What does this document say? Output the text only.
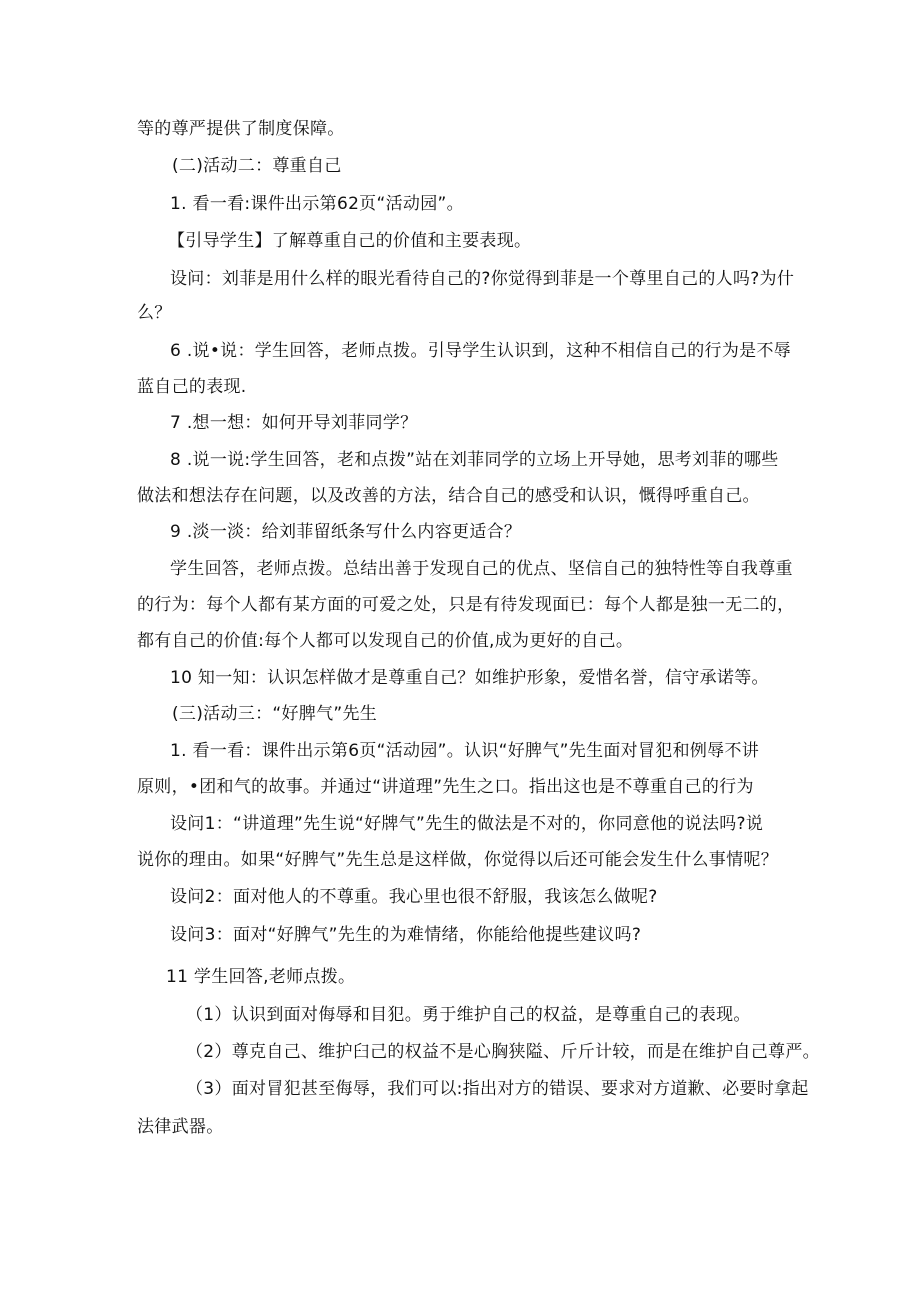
等的尊严提供了制度保障。
(二)活动二：尊重自己
1. 看一看:课件出示第62页“活动园”。
【引导学生】了解尊重自己的价值和主要表现。
设问：刘菲是用什么样的眼光看待自己的?你觉得到菲是一个尊里自己的人吗?为什
么？
6 .说•说：学生回答，老师点拨。引导学生认识到，这种不相信自己的行为是不辱
蓝自己的表现.
7 .想一想：如何开导刘菲同学？
8 .说一说:学生回答，老和点拨”站在刘菲同学的立场上开导她，思考刘菲的哪些
做法和想法存在问题，以及改善的方法，结合自己的感受和认识，慨得呼重自己。
9 .淡一淡：给刘菲留纸条写什么内容更适合？
学生回答，老师点拨。总结出善于发现自己的优点、坚信自己的独特性等自我尊重
的行为：每个人都有某方面的可爱之处，只是有待发现面已：每个人都是独一无二的，
都有自己的价值:每个人都可以发现自己的价值,成为更好的自己。
10 知一知：认识怎样做才是尊重自己？如维护形象，爱惜名誉，信守承诺等。
(三)活动三：“好脾气”先生
1. 看一看：课件出示第6页“活动园”。认识“好脾气”先生面对冒犯和例辱不讲
原则，•团和气的故事。并通过“讲道理”先生之口。指出这也是不尊重自己的行为
设问1：“讲道理”先生说“好牌气”先生的做法是不对的，你同意他的说法吗?说
说你的理由。如果“好脾气”先生总是这样做，你觉得以后还可能会发生什么事情呢？
设问2：面对他人的不尊重。我心里也很不舒服，我该怎么做呢?
设问3：面对“好脾气”先生的为难情绪，你能给他提些建议吗?
11 学生回答,老师点拨。
（1）认识到面对侮辱和目犯。勇于维护自己的权益，是尊重自己的表现。
（2）尊克自己、维护臼己的权益不是心胸狭隘、斤斤计较，而是在维护自己尊严。
（3）面对冒犯甚至侮辱，我们可以:指出对方的错误、要求对方道歉、必要时拿起
法律武器。
